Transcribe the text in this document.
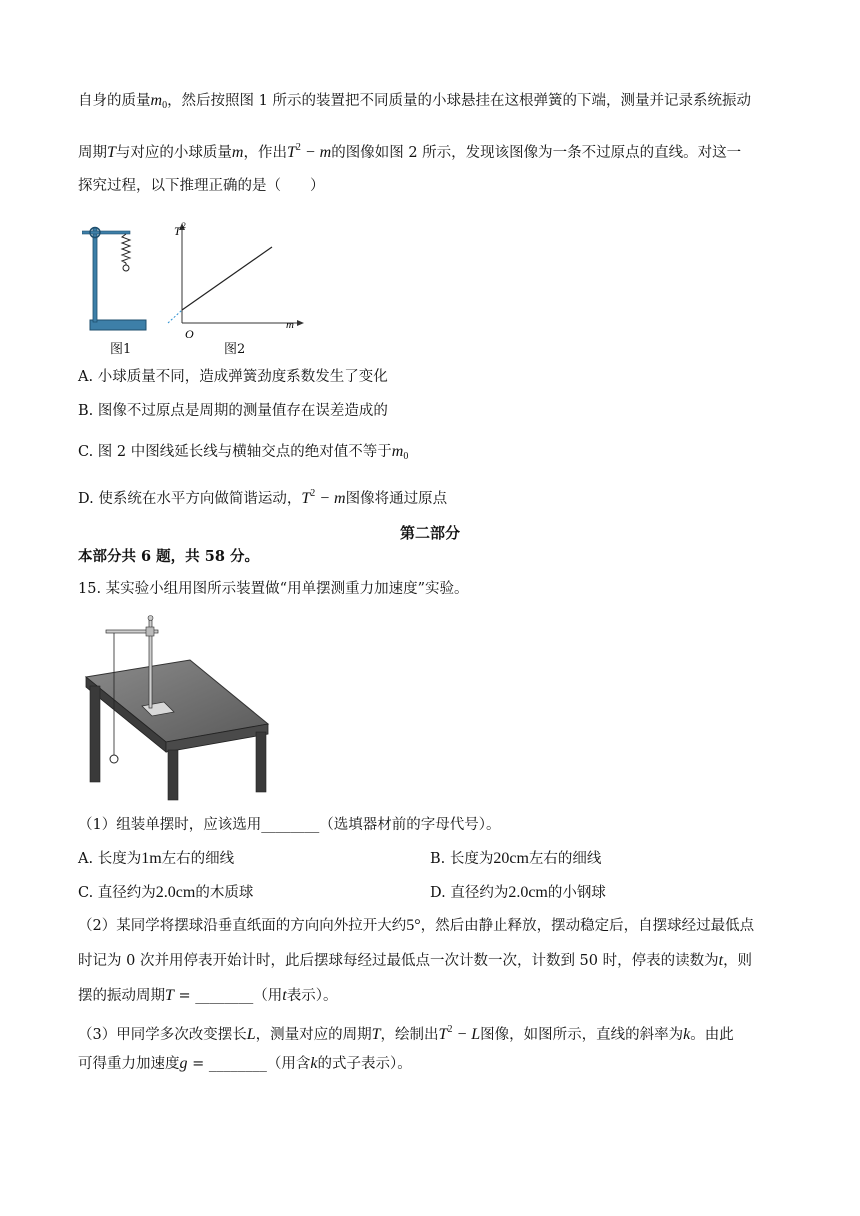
自身的质量$m_0$，然后按照图 1 所示的装置把不同质量的小球悬挂在这根弹簧的下端，测量并记录系统振动
周期T与对应的小球质量m，作出$T^2 - m$的图像如图 2 所示，发现该图像为一条不过原点的直线。对这一
探究过程，以下推理正确的是（　　）
图1
T 2
m
O
图2
A. 小球质量不同，造成弹簧劲度系数发生了变化
B. 图像不过原点是周期的测量值存在误差造成的
C. 图 2 中图线延长线与横轴交点的绝对值不等于$m_0$
D. 使系统在水平方向做简谐运动，$T^2 - m$图像将通过原点
第二部分
本部分共 6 题，共 58 分。
15. 某实验小组用图所示装置做“用单摆测重力加速度”实验。
（1）组装单摆时，应该选用________（选填器材前的字母代号）。
A. 长度为1m左右的细线	B. 长度为20cm左右的细线
C. 直径约为2.0cm的木质球	D. 直径约为2.0cm的小钢球
（2）某同学将摆球沿垂直纸面的方向向外拉开大约5°，然后由静止释放，摆动稳定后，自摆球经过最低点
时记为 0 次并用停表开始计时，此后摆球每经过最低点一次计数一次，计数到 50 时，停表的读数为t，则
摆的振动周期T = ________（用t表示）。
（3）甲同学多次改变摆长L，测量对应的周期T，绘制出$T^2 - L$图像，如图所示，直线的斜率为k。由此
可得重力加速度g = ________（用含k的式子表示）。
